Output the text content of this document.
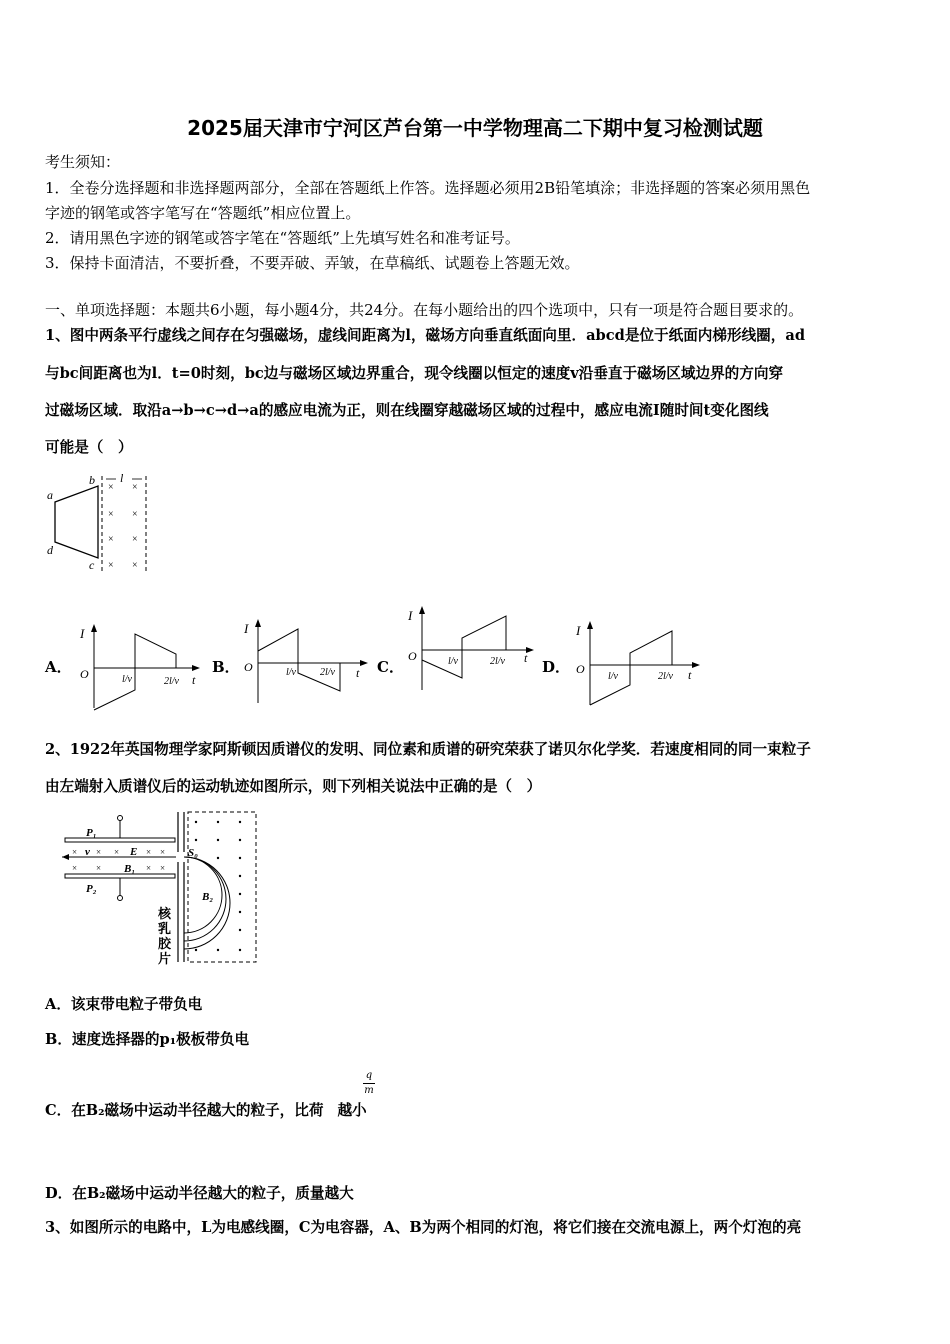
2025届天津市宁河区芦台第一中学物理高二下期中复习检测试题
考生须知：
1．全卷分选择题和非选择题两部分，全部在答题纸上作答。选择题必须用2B铅笔填涂；非选择题的答案必须用黑色
字迹的钢笔或答字笔写在“答题纸”相应位置上。
2．请用黑色字迹的钢笔或答字笔在“答题纸”上先填写姓名和准考证号。
3．保持卡面清洁，不要折叠，不要弄破、弄皱，在草稿纸、试题卷上答题无效。
一、单项选择题：本题共6小题，每小题4分，共24分。在每小题给出的四个选项中，只有一项是符合题目要求的。
1、图中两条平行虚线之间存在匀强磁场，虚线间距离为l，磁场方向垂直纸面向里．abcd是位于纸面内梯形线圈，ad
与bc间距离也为l．t=0时刻，bc边与磁场区域边界重合，现令线圈以恒定的速度v沿垂直于磁场区域边界的方向穿
过磁场区域．取沿a→b→c→d→a的感应电流为正，则在线圈穿越磁场区域的过程中，感应电流I随时间t变化图线
可能是（　）
a
b
c
d
l
× ×
× ×
× ×
× ×
A．
I
O	l/v	2l/v t
B．
I
O	l/v 2l/v t C．
I
O	l/v	2l/v t D．
I
O
l/v	2l/v t
2、1922年英国物理学家阿斯顿因质谱仪的发明、同位素和质谱的研究荣获了诺贝尔化学奖．若速度相同的同一束粒子
由左端射入质谱仪后的运动轨迹如图所示，则下列相关说法中正确的是（　）
P₁
P₂
v	E
B₁
S₀
B₂
× × ×	× ×
× ×	× ×
核
乳
胶
片
A．该束带电粒子带负电
B．速度选择器的p₁极板带负电
C．在B₂磁场中运动半径越大的粒子，比荷 越小
q
m
D．在B₂磁场中运动半径越大的粒子，质量越大
3、如图所示的电路中，L为电感线圈，C为电容器，A、B为两个相同的灯泡，将它们接在交流电源上，两个灯泡的亮
